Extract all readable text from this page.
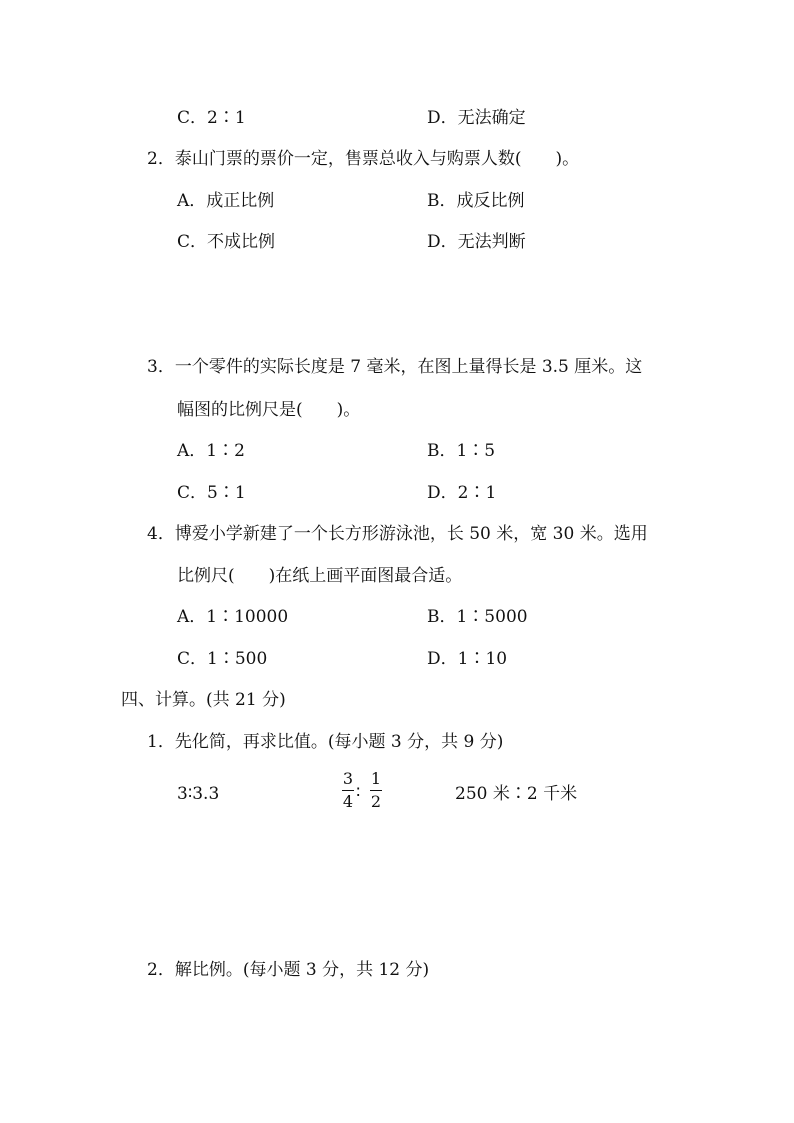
C．2∶1	D．无法确定
2．泰山门票的票价一定，售票总收入与购票人数(　　)。
A．成正比例	B．成反比例
C．不成比例	D．无法判断
3．一个零件的实际长度是 7 毫米，在图上量得长是 3.5 厘米。这
幅图的比例尺是(　　)。
A．1∶2	B．1∶5
C．5∶1	D．2∶1
4．博爱小学新建了一个长方形游泳池，长 50 米，宽 30 米。选用
比例尺(　　)在纸上画平面图最合适。
A．1∶10000	B．1∶5000
C．1∶500	D．1∶10
四、计算。(共 21 分)
1．先化简，再求比值。(每小题 3 分，共 9 分)
3∶3.3
3
4 ∶
1
2	250 米∶2 千米
2．解比例。(每小题 3 分，共 12 分)
